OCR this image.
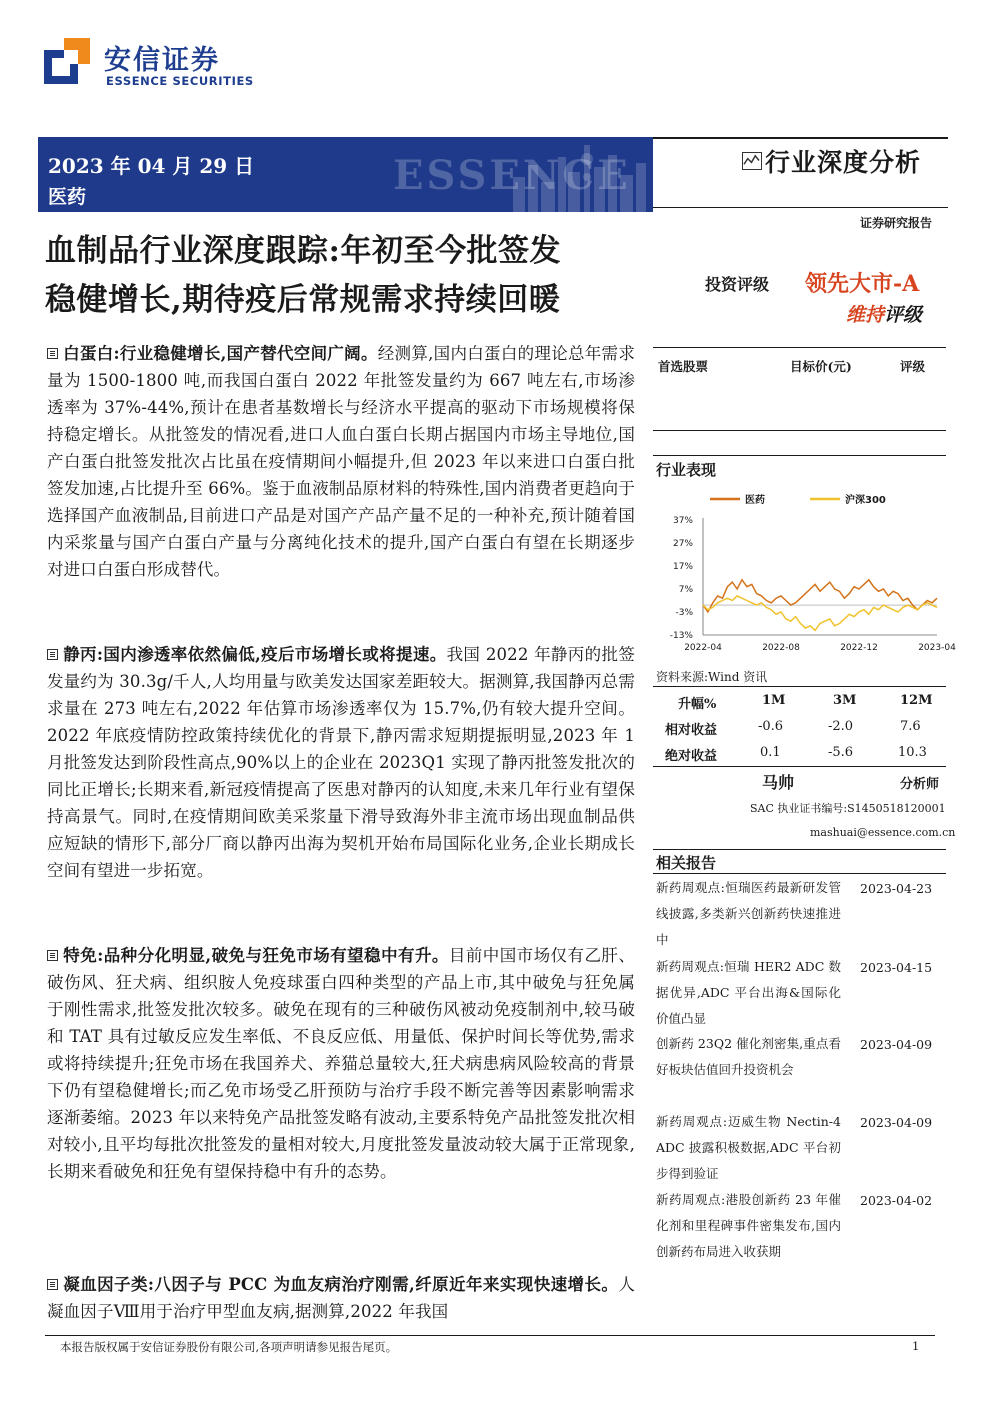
安信证券
ESSENCE SECURITIES
ESSENCE
2023 年 04 月 29 日
医药
行业深度分析
证券研究报告
血制品行业深度跟踪:年初至今批签发
稳健增长,期待疫后常规需求持续回暖	投资评级 领先大市-A
维持评级
白蛋白:行业稳健增长,国产替代空间广阔。经测算,国内白蛋白的理论总年需求量为 1500-1800 吨,而我国白蛋白 2022 年批签发量约为 667 吨左右,市场渗透率为 37%-44%,预计在患者基数增长与经济水平提高的驱动下市场规模将保持稳定增长。从批签发的情况看,进口人血白蛋白长期占据国内市场主导地位,国产白蛋白批签发批次占比虽在疫情期间小幅提升,但 2023 年以来进口白蛋白批签发加速,占比提升至 66%。鉴于血液制品原材料的特殊性,国内消费者更趋向于选择国产血液制品,目前进口产品是对国产产品产量不足的一种补充,预计随着国内采浆量与国产白蛋白产量与分离纯化技术的提升,国产白蛋白有望在长期逐步对进口白蛋白形成替代。
静丙:国内渗透率依然偏低,疫后市场增长或将提速。我国 2022 年静丙的批签发量约为 30.3g/千人,人均用量与欧美发达国家差距较大。据测算,我国静丙总需求量在 273 吨左右,2022 年估算市场渗透率仅为 15.7%,仍有较大提升空间。2022 年底疫情防控政策持续优化的背景下,静丙需求短期提振明显,2023 年 1 月批签发达到阶段性高点,90%以上的企业在 2023Q1 实现了静丙批签发批次的同比正增长;长期来看,新冠疫情提高了医患对静丙的认知度,未来几年行业有望保持高景气。同时,在疫情期间欧美采浆量下滑导致海外非主流市场出现血制品供应短缺的情形下,部分厂商以静丙出海为契机开始布局国际化业务,企业长期成长空间有望进一步拓宽。
特免:品种分化明显,破免与狂免市场有望稳中有升。目前中国市场仅有乙肝、破伤风、狂犬病、组织胺人免疫球蛋白四种类型的产品上市,其中破免与狂免属于刚性需求,批签发批次较多。破免在现有的三种破伤风被动免疫制剂中,较马破和 TAT 具有过敏反应发生率低、不良反应低、用量低、保护时间长等优势,需求或将持续提升;狂免市场在我国养犬、养猫总量较大,狂犬病患病风险较高的背景下仍有望稳健增长;而乙免市场受乙肝预防与治疗手段不断完善等因素影响需求逐渐萎缩。2023 年以来特免产品批签发略有波动,主要系特免产品批签发批次相对较小,且平均每批次批签发的量相对较大,月度批签发量波动较大属于正常现象,长期来看破免和狂免有望保持稳中有升的态势。
凝血因子类:八因子与 PCC 为血友病治疗刚需,纤原近年来实现快速增长。人凝血因子Ⅷ用于治疗甲型血友病,据测算,2022 年我国
首选股票	目标价(元)	评级
行业表现
医药	沪深300
37%
27%
17%
7%
-3%
-13%
2022-04	2022-08	2022-12	2023-04
资料来源:Wind 资讯
升幅%	1M	3M	12M
相对收益	-0.6	-2.0	7.6
绝对收益	0.1	-5.6	10.3
马帅	分析师
SAC 执业证书编号:S1450518120001
mashuai@essence.com.cn
相关报告
新药周观点:恒瑞医药最新研发管线披露,多类新兴创新药快速推进中
2023-04-23
新药周观点:恒瑞 HER2 ADC 数据优异,ADC 平台出海&国际化价值凸显
2023-04-15
创新药 23Q2 催化剂密集,重点看好板块估值回升投资机会
2023-04-09
新药周观点:迈威生物 Nectin-4 ADC 披露积极数据,ADC 平台初步得到验证
2023-04-09
新药周观点:港股创新药 23 年催化剂和里程碑事件密集发布,国内创新药布局进入收获期
2023-04-02
本报告版权属于安信证券股份有限公司,各项声明请参见报告尾页。	1
